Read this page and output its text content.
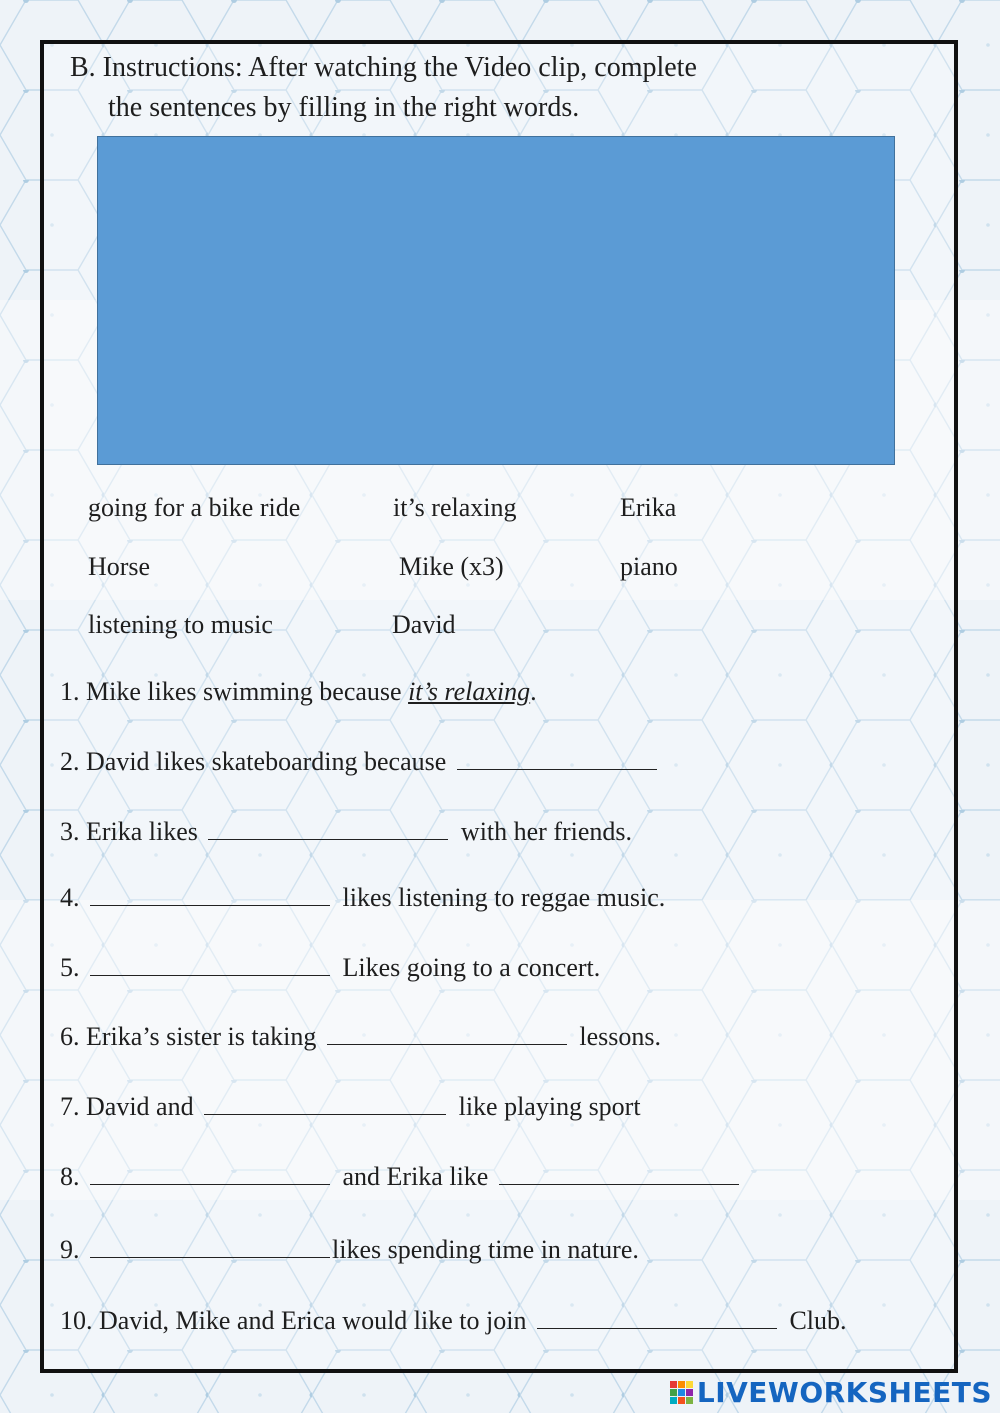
B. Instructions: After watching the Video clip, complete
the sentences by filling in the right words.
going for a bike ride	it’s relaxing	Erika
Horse	Mike (x3)	piano
listening to music	David
1. Mike likes swimming because it’s relaxing.
2. David likes skateboarding because
3. Erika likes	with her friends.
4.	likes listening to reggae music.
5.	Likes going to a concert.
6. Erika’s sister is taking	lessons.
7. David and	like playing sport
8.	and Erika like
9.	likes spending time in nature.
10. David, Mike and Erica would like to join	Club.
LIVEWORKSHEETS
